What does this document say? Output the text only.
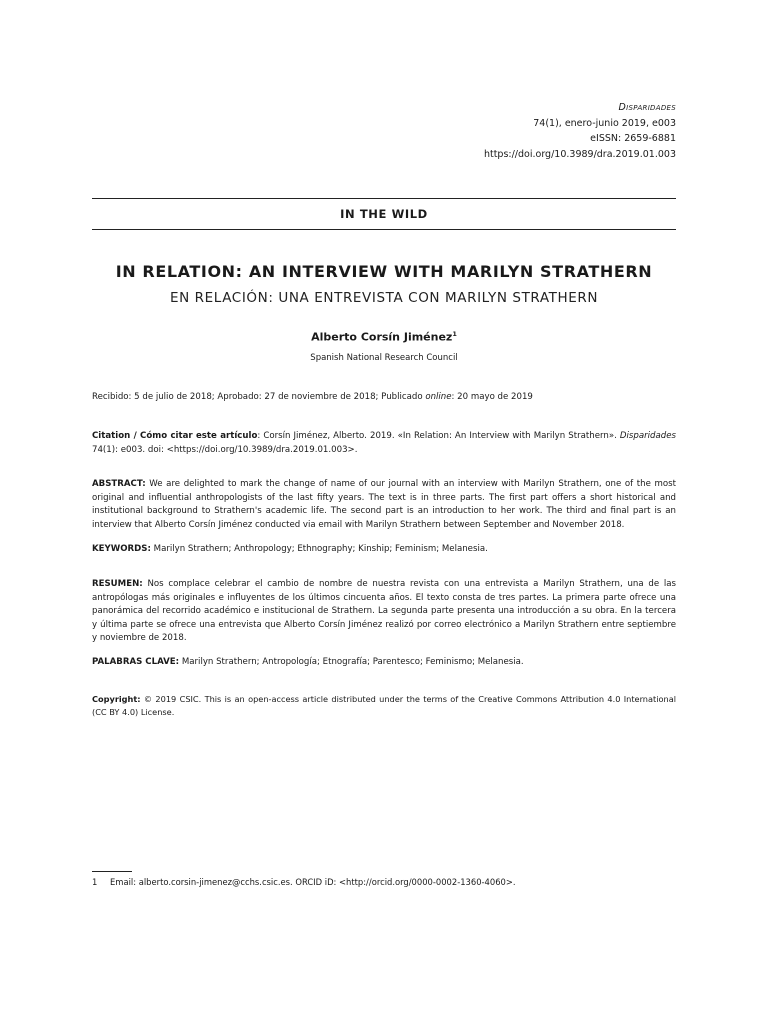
Disparidades
74(1), enero-junio 2019, e003
eISSN: 2659-6881
https://doi.org/10.3989/dra.2019.01.003
IN THE WILD
IN RELATION: AN INTERVIEW WITH MARILYN STRATHERN
EN RELACIÓN: UNA ENTREVISTA CON MARILYN STRATHERN
Alberto Corsín Jiménez$^1$
Spanish National Research Council
Recibido: 5 de julio de 2018; Aprobado: 27 de noviembre de 2018; Publicado online: 20 mayo de 2019
Citation / Cómo citar este artículo: Corsín Jiménez, Alberto. 2019. «In Relation: An Interview with Marilyn Strathern». Disparidades 74(1): e003. doi: <https://doi.org/10.3989/dra.2019.01.003>.
ABSTRACT: We are delighted to mark the change of name of our journal with an interview with Marilyn Strathern, one of the most original and influential anthropologists of the last fifty years. The text is in three parts. The first part offers a short historical and institutional background to Strathern's academic life. The second part is an introduction to her work. The third and final part is an interview that Alberto Corsín Jiménez conducted via email with Marilyn Strathern between September and November 2018.
KEYWORDS: Marilyn Strathern; Anthropology; Ethnography; Kinship; Feminism; Melanesia.
RESUMEN: Nos complace celebrar el cambio de nombre de nuestra revista con una entrevista a Marilyn Strathern, una de las antropólogas más originales e influyentes de los últimos cincuenta años. El texto consta de tres partes. La primera parte ofrece una panorámica del recorrido académico e institucional de Strathern. La segunda parte presenta una introducción a su obra. En la tercera y última parte se ofrece una entrevista que Alberto Corsín Jiménez realizó por correo electrónico a Marilyn Strathern entre septiembre y noviembre de 2018.
PALABRAS CLAVE: Marilyn Strathern; Antropología; Etnografía; Parentesco; Feminismo; Melanesia.
Copyright: © 2019 CSIC. This is an open-access article distributed under the terms of the Creative Commons Attribution 4.0 International (CC BY 4.0) License.
1 Email: alberto.corsin-jimenez@cchs.csic.es. ORCID iD: <http://orcid.org/0000-0002-1360-4060>.
